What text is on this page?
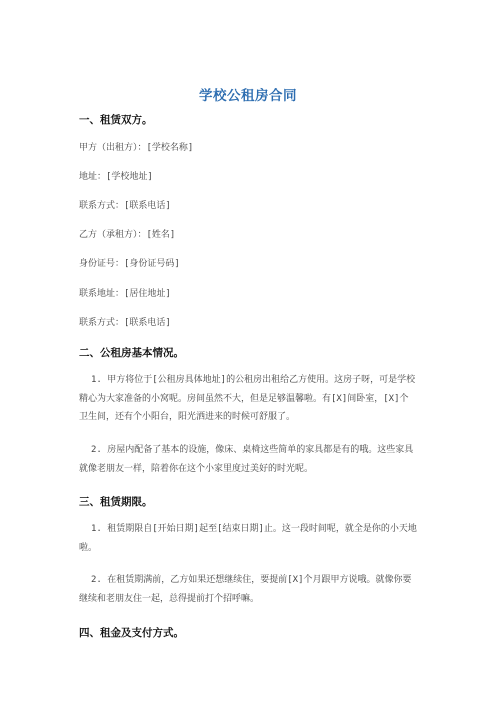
学校公租房合同
一、租赁双方。
甲方（出租方）：[学校名称]
地址：[学校地址]
联系方式：[联系电话]
乙方（承租方）：[姓名]
身份证号：[身份证号码]
联系地址：[居住地址]
联系方式：[联系电话]
二、公租房基本情况。

1. 甲方将位于[公租房具体地址]的公租房出租给乙方使用。这房子呀，可是学校精心为大家准备的小窝呢。房间虽然不大，但是足够温馨啦。有[X]间卧室，[X]个卫生间，还有个小阳台，阳光洒进来的时候可舒服了。

2. 房屋内配备了基本的设施，像床、桌椅这些简单的家具都是有的哦。这些家具就像老朋友一样，陪着你在这个小家里度过美好的时光呢。

三、租赁期限。

1. 租赁期限自[开始日期]起至[结束日期]止。这一段时间呢，就全是你的小天地啦。

2. 在租赁期满前，乙方如果还想继续住，要提前[X]个月跟甲方说哦。就像你要继续和老朋友住一起，总得提前打个招呼嘛。

四、租金及支付方式。
